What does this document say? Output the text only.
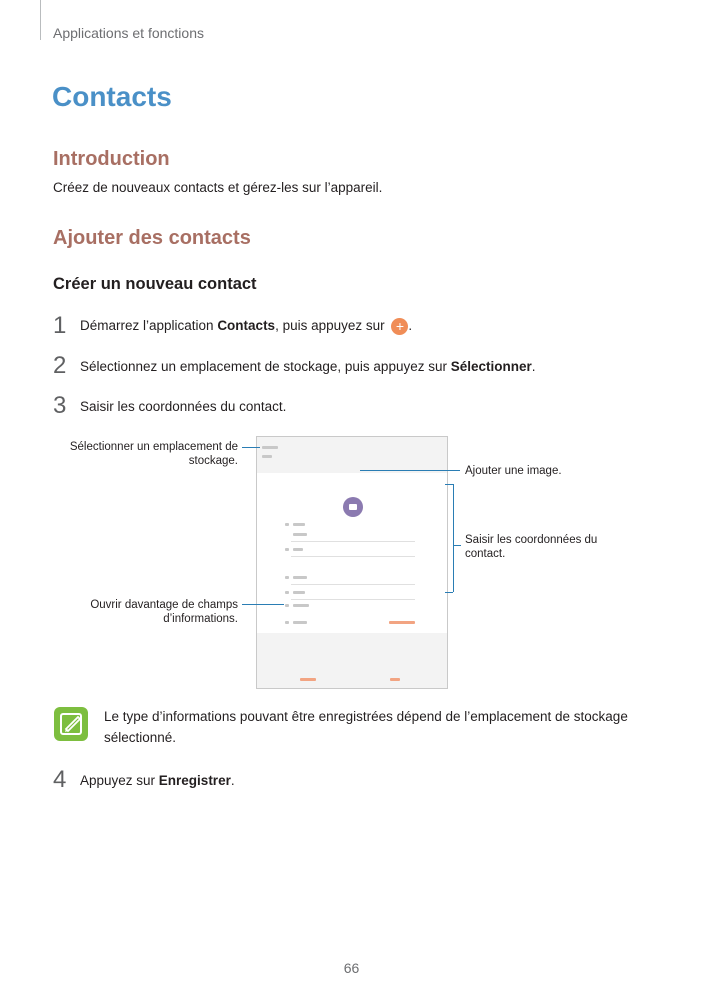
Applications et fonctions
Contacts
Introduction
Créez de nouveaux contacts et gérez-les sur l’appareil.
Ajouter des contacts
Créer un nouveau contact
1	Démarrez l’application Contacts, puis appuyez sur + .
2	Sélectionnez un emplacement de stockage, puis appuyez sur Sélectionner.
3	Saisir les coordonnées du contact.
Sélectionner un emplacement de stockage.
Ajouter une image.
Saisir les coordonnées du contact.
Ouvrir davantage de champs d’informations.
Le type d’informations pouvant être enregistrées dépend de l’emplacement de stockage sélectionné.
4	Appuyez sur Enregistrer.
66
